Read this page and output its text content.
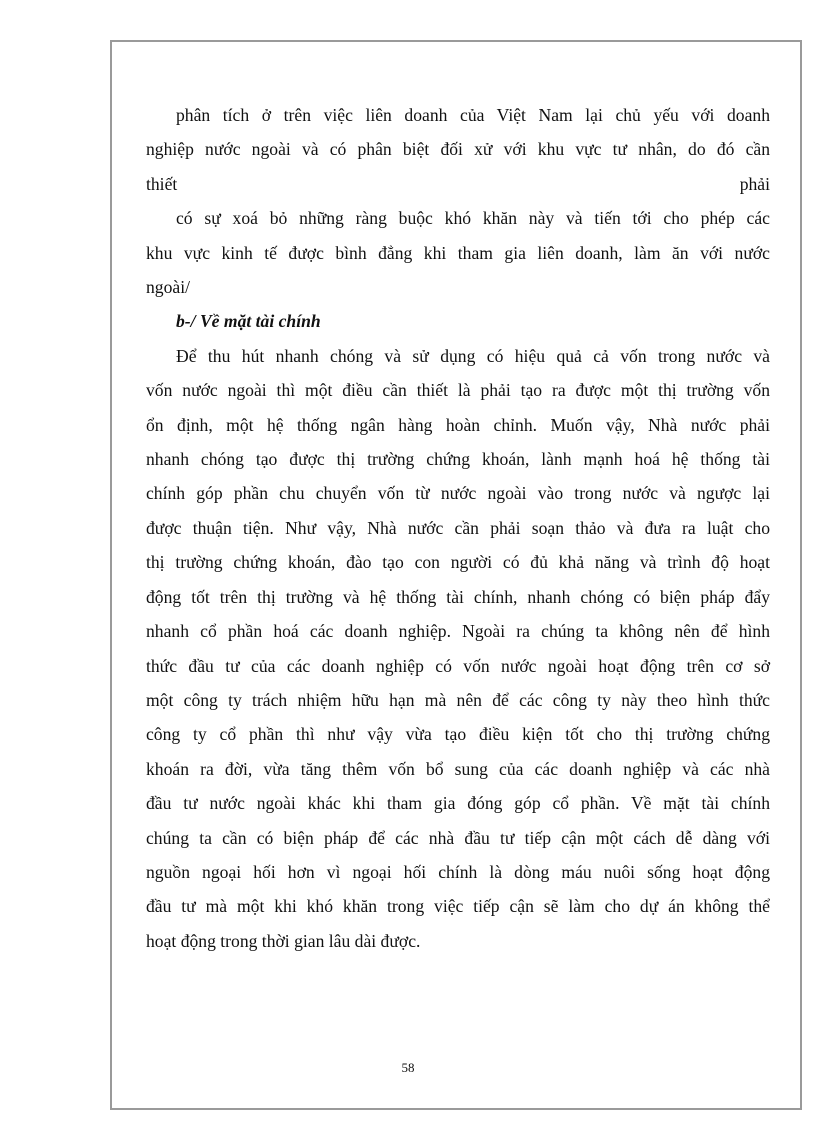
phân tích ở trên việc liên doanh của Việt Nam lại chủ yếu với doanh

nghiệp nước ngoài và có phân biệt đối xử với khu vực tư nhân, do đó cần

thiết	phải

có sự xoá bỏ những ràng buộc khó khăn này và tiến tới cho phép các

khu vực kinh tế được bình đẳng khi tham gia liên doanh, làm ăn với nước

ngoài/

b-/ Về mặt tài chính

Để thu hút nhanh chóng và sử dụng có hiệu quả cả vốn trong nước và

vốn nước ngoài thì một điều cần thiết là phải tạo ra được một thị trường vốn

ổn định, một hệ thống ngân hàng hoàn chỉnh. Muốn vậy, Nhà nước phải

nhanh chóng tạo được thị trường chứng khoán, lành mạnh hoá hệ thống tài

chính góp phần chu chuyển vốn từ nước ngoài vào trong nước và ngược lại

được thuận tiện. Như vậy, Nhà nước cần phải soạn thảo và đưa ra luật cho

thị trường chứng khoán, đào tạo con người có đủ khả năng và trình độ hoạt

động tốt trên thị trường và hệ thống tài chính, nhanh chóng có biện pháp đẩy

nhanh cổ phần hoá các doanh nghiệp. Ngoài ra chúng ta không nên để hình

thức đầu tư của các doanh nghiệp có vốn nước ngoài hoạt động trên cơ sở

một công ty trách nhiệm hữu hạn mà nên để các công ty này theo hình thức

công ty cổ phần thì như vậy vừa tạo điều kiện tốt cho thị trường chứng

khoán ra đời, vừa tăng thêm vốn bổ sung của các doanh nghiệp và các nhà

đầu tư nước ngoài khác khi tham gia đóng góp cổ phần. Về mặt tài chính

chúng ta cần có biện pháp để các nhà đầu tư tiếp cận một cách dễ dàng với

nguồn ngoại hối hơn vì ngoại hối chính là dòng máu nuôi sống hoạt động

đầu tư mà một khi khó khăn trong việc tiếp cận sẽ làm cho dự án không thể

hoạt động trong thời gian lâu dài được.

58
